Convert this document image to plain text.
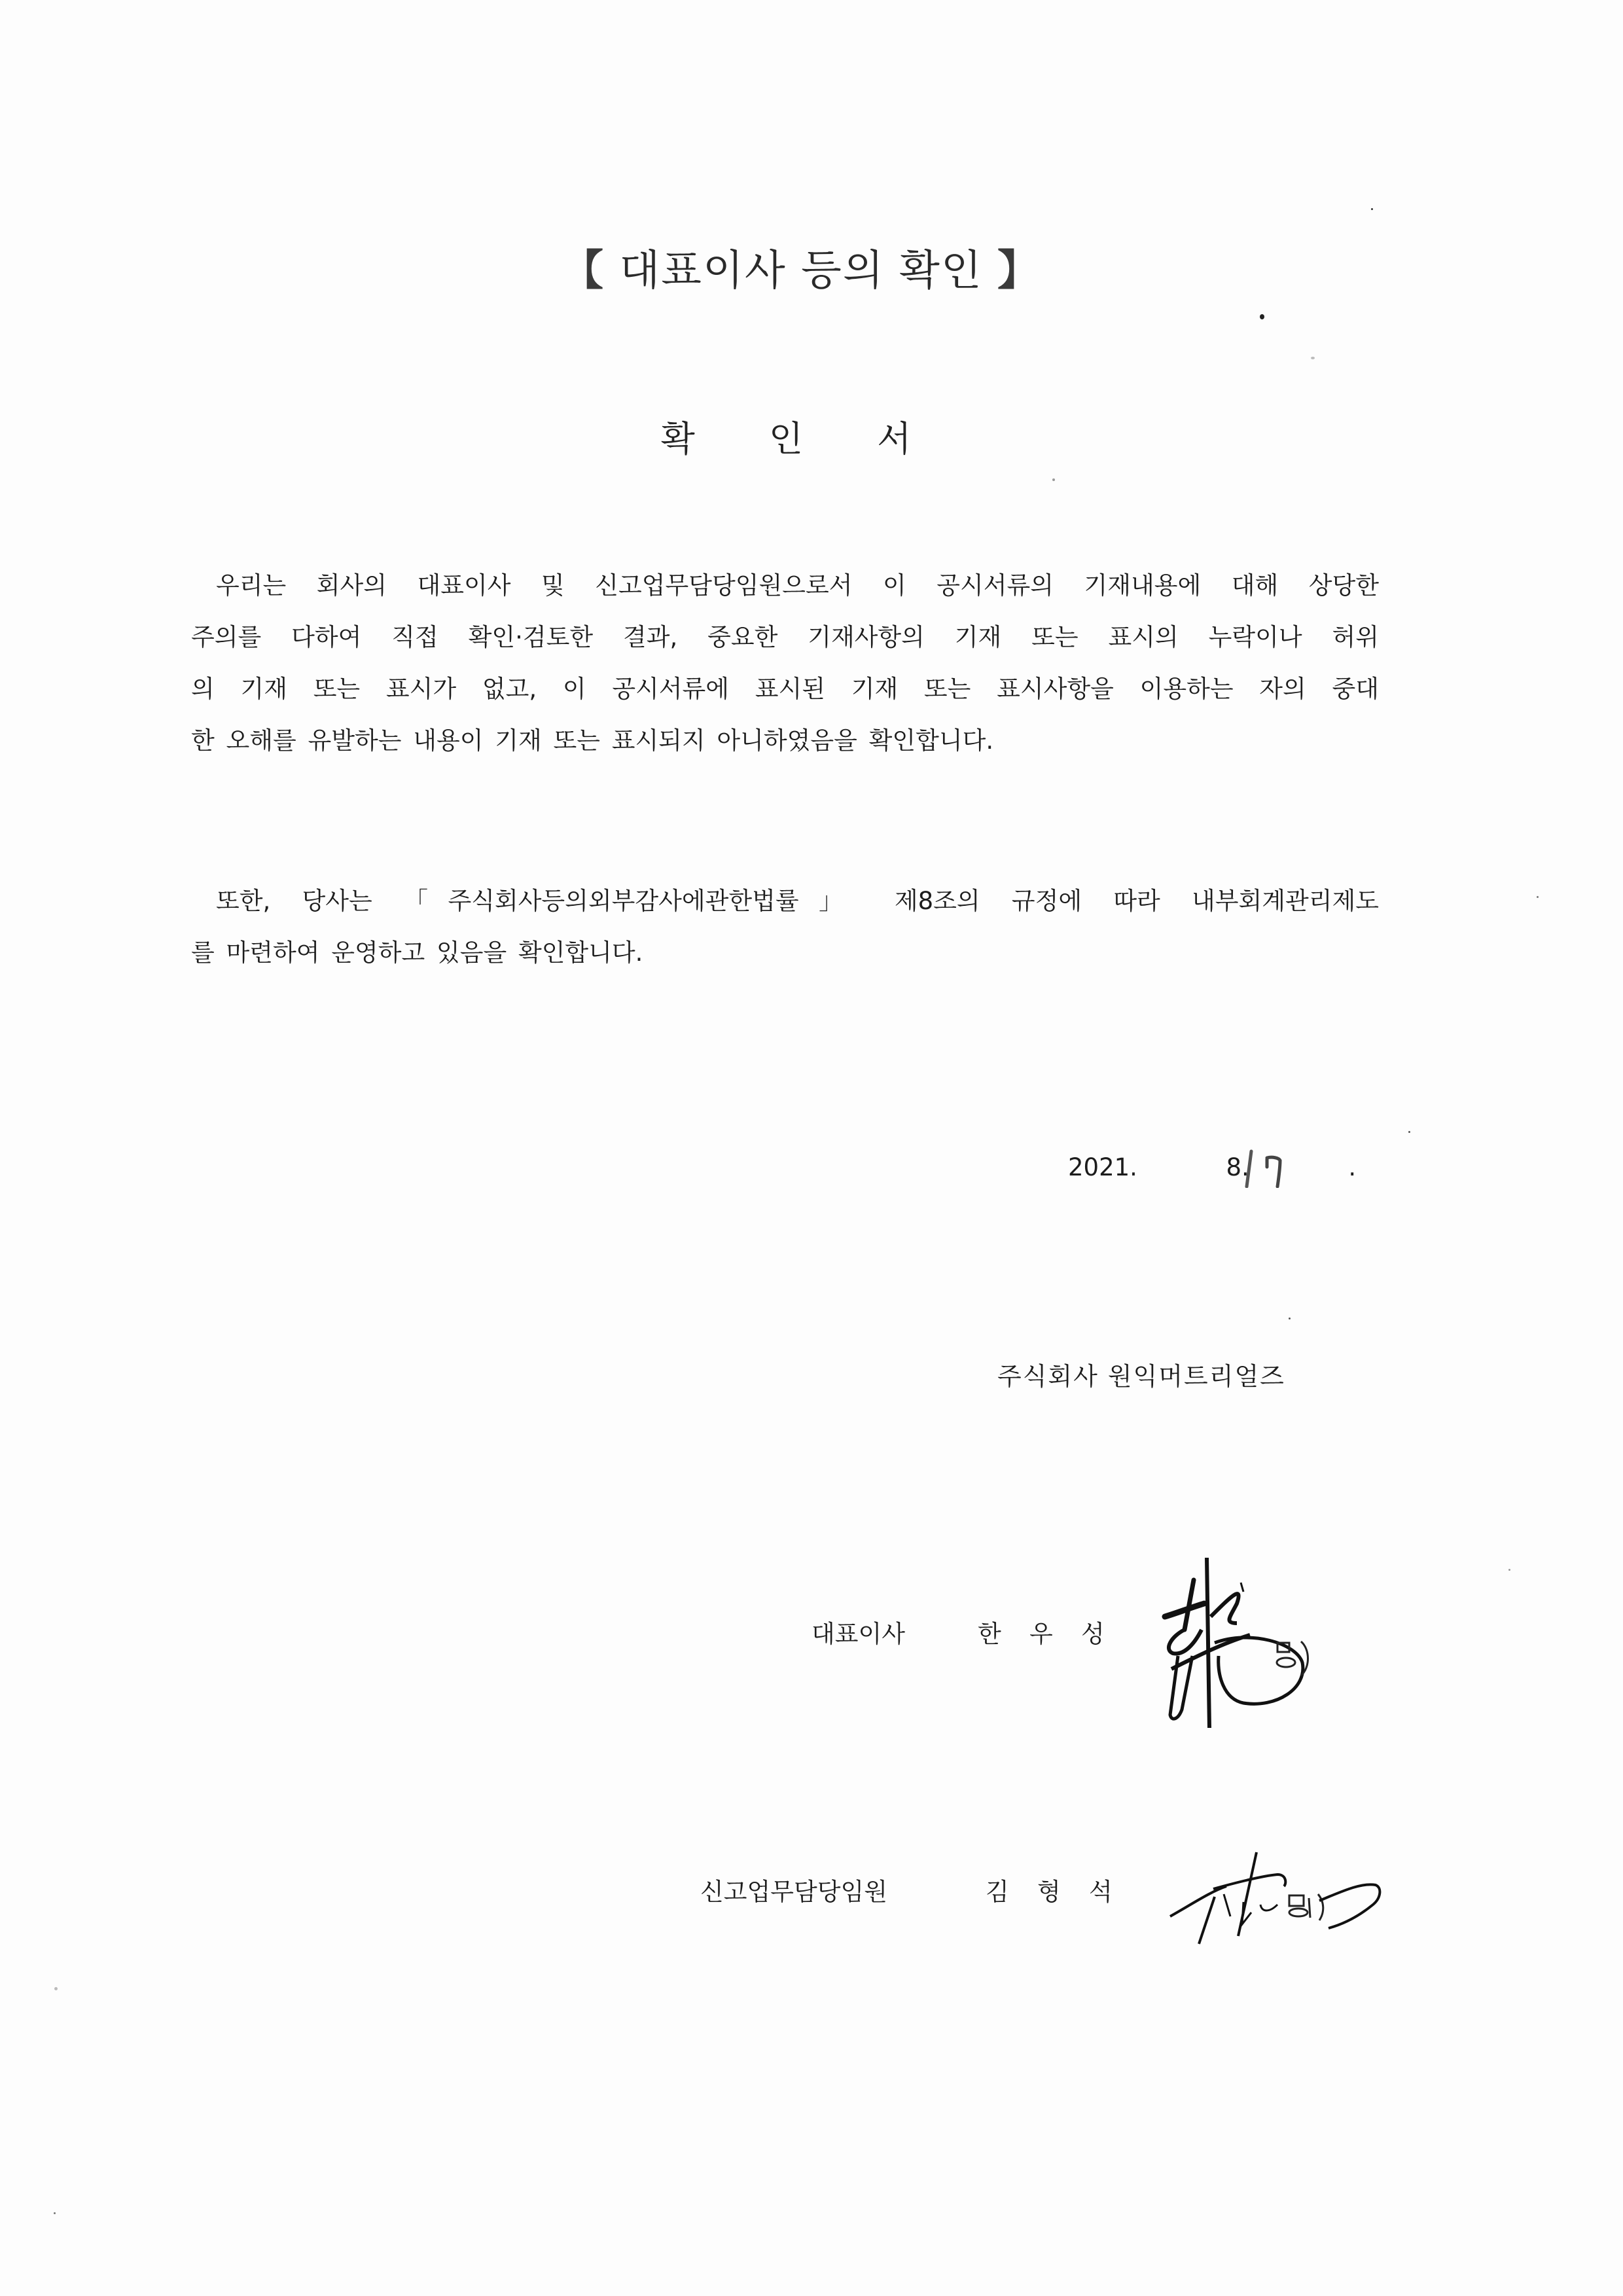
【 대표이사 등의 확인 】
확 인 서
우리는 회사의 대표이사 및 신고업무담당임원으로서 이 공시서류의 기재내용에 대해 상당한
주의를 다하여 직접 확인·검토한 결과, 중요한 기재사항의 기재 또는 표시의 누락이나 허위
의 기재 또는 표시가 없고, 이 공시서류에 표시된 기재 또는 표시사항을 이용하는 자의 중대
한 오해를 유발하는 내용이 기재 또는 표시되지 아니하였음을 확인합니다.
또한, 당사는 「주식회사등의외부감사에관한법률」 제8조의 규정에 따라 내부회계관리제도
를 마련하여 운영하고 있음을 확인합니다.
2021.	8.	.
주식회사 원익머트리얼즈
대표이사	한 우 성
신고업무담당임원	김 형 석
